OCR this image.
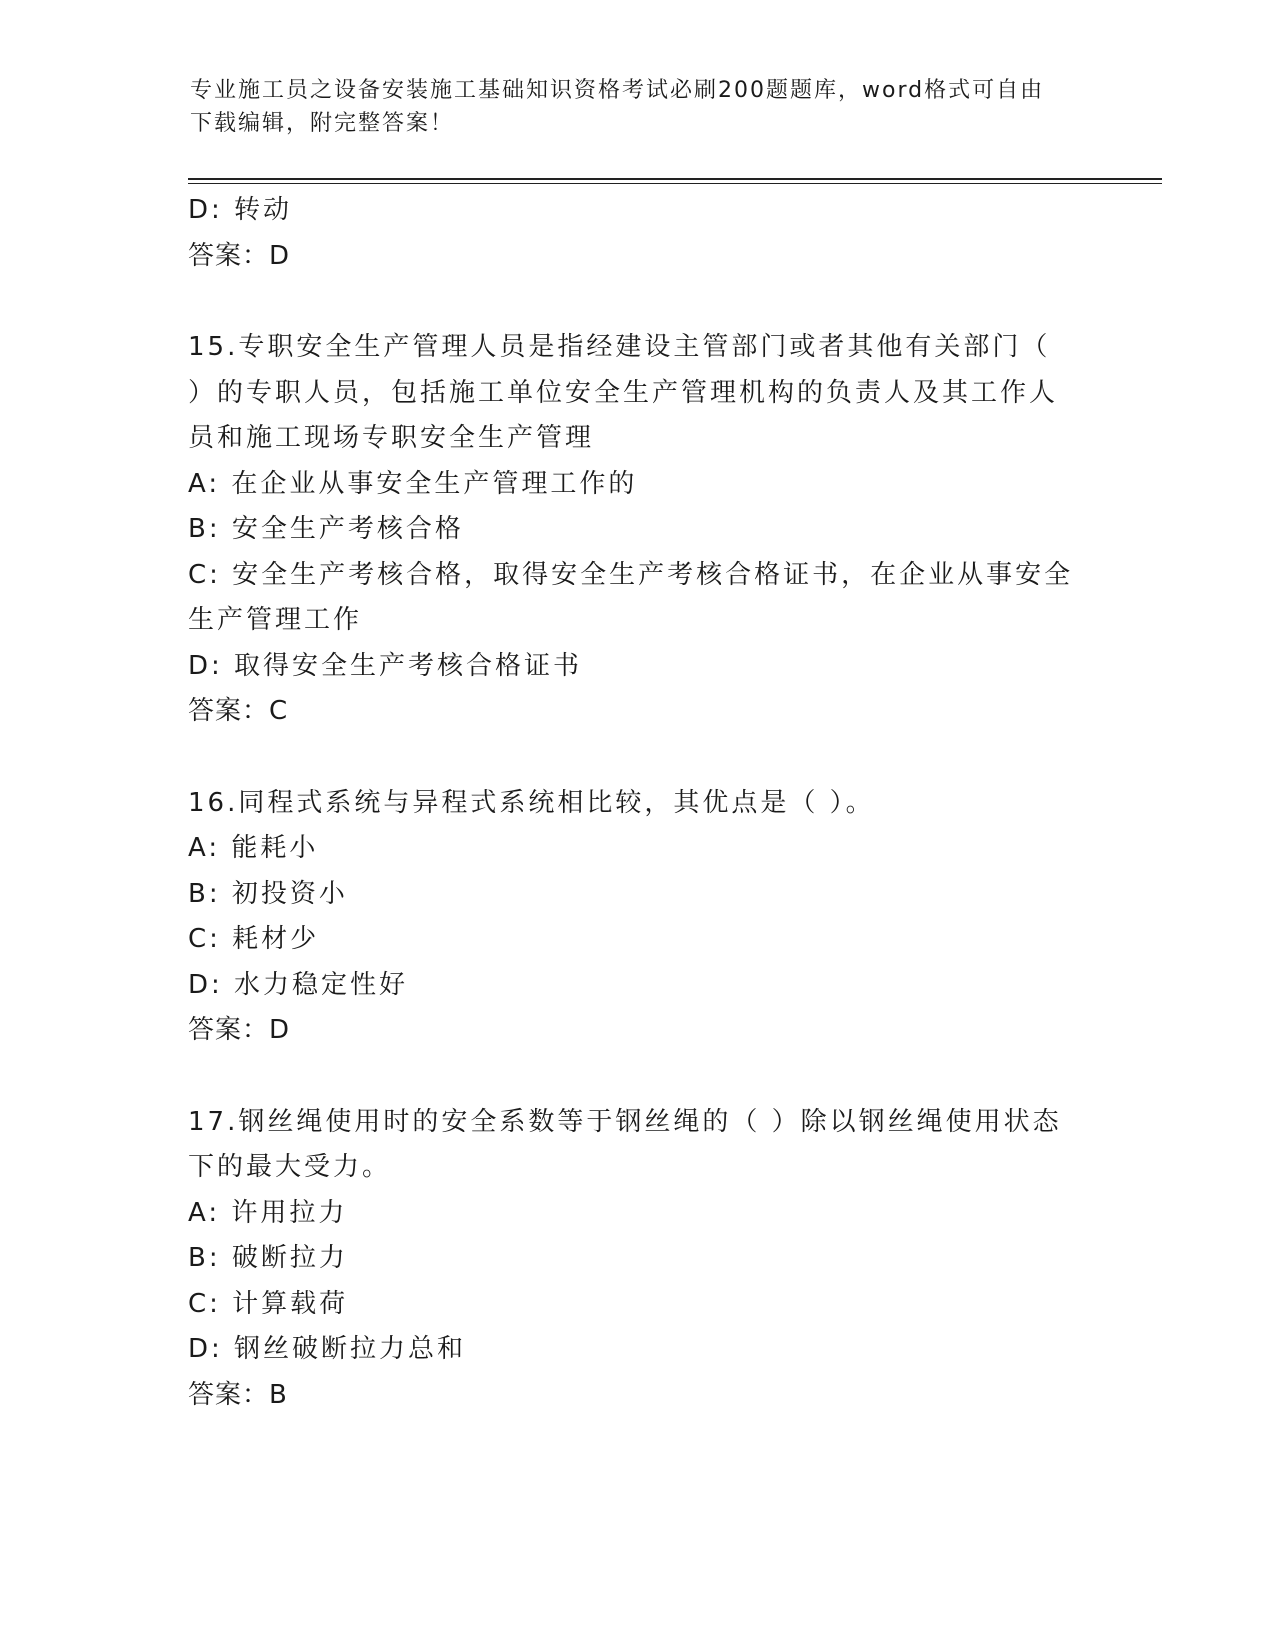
专业施工员之设备安装施工基础知识资格考试必刷200题题库，word格式可自由
下载编辑，附完整答案！
D: 转动
答案：D
15.专职安全生产管理人员是指经建设主管部门或者其他有关部门（
）的专职人员，包括施工单位安全生产管理机构的负责人及其工作人
员和施工现场专职安全生产管理
A: 在企业从事安全生产管理工作的
B: 安全生产考核合格
C: 安全生产考核合格，取得安全生产考核合格证书，在企业从事安全
生产管理工作
D: 取得安全生产考核合格证书
答案：C
16.同程式系统与异程式系统相比较，其优点是（ ）。
A: 能耗小
B: 初投资小
C: 耗材少
D: 水力稳定性好
答案：D
17.钢丝绳使用时的安全系数等于钢丝绳的（ ）除以钢丝绳使用状态
下的最大受力。
A: 许用拉力
B: 破断拉力
C: 计算载荷
D: 钢丝破断拉力总和
答案：B
